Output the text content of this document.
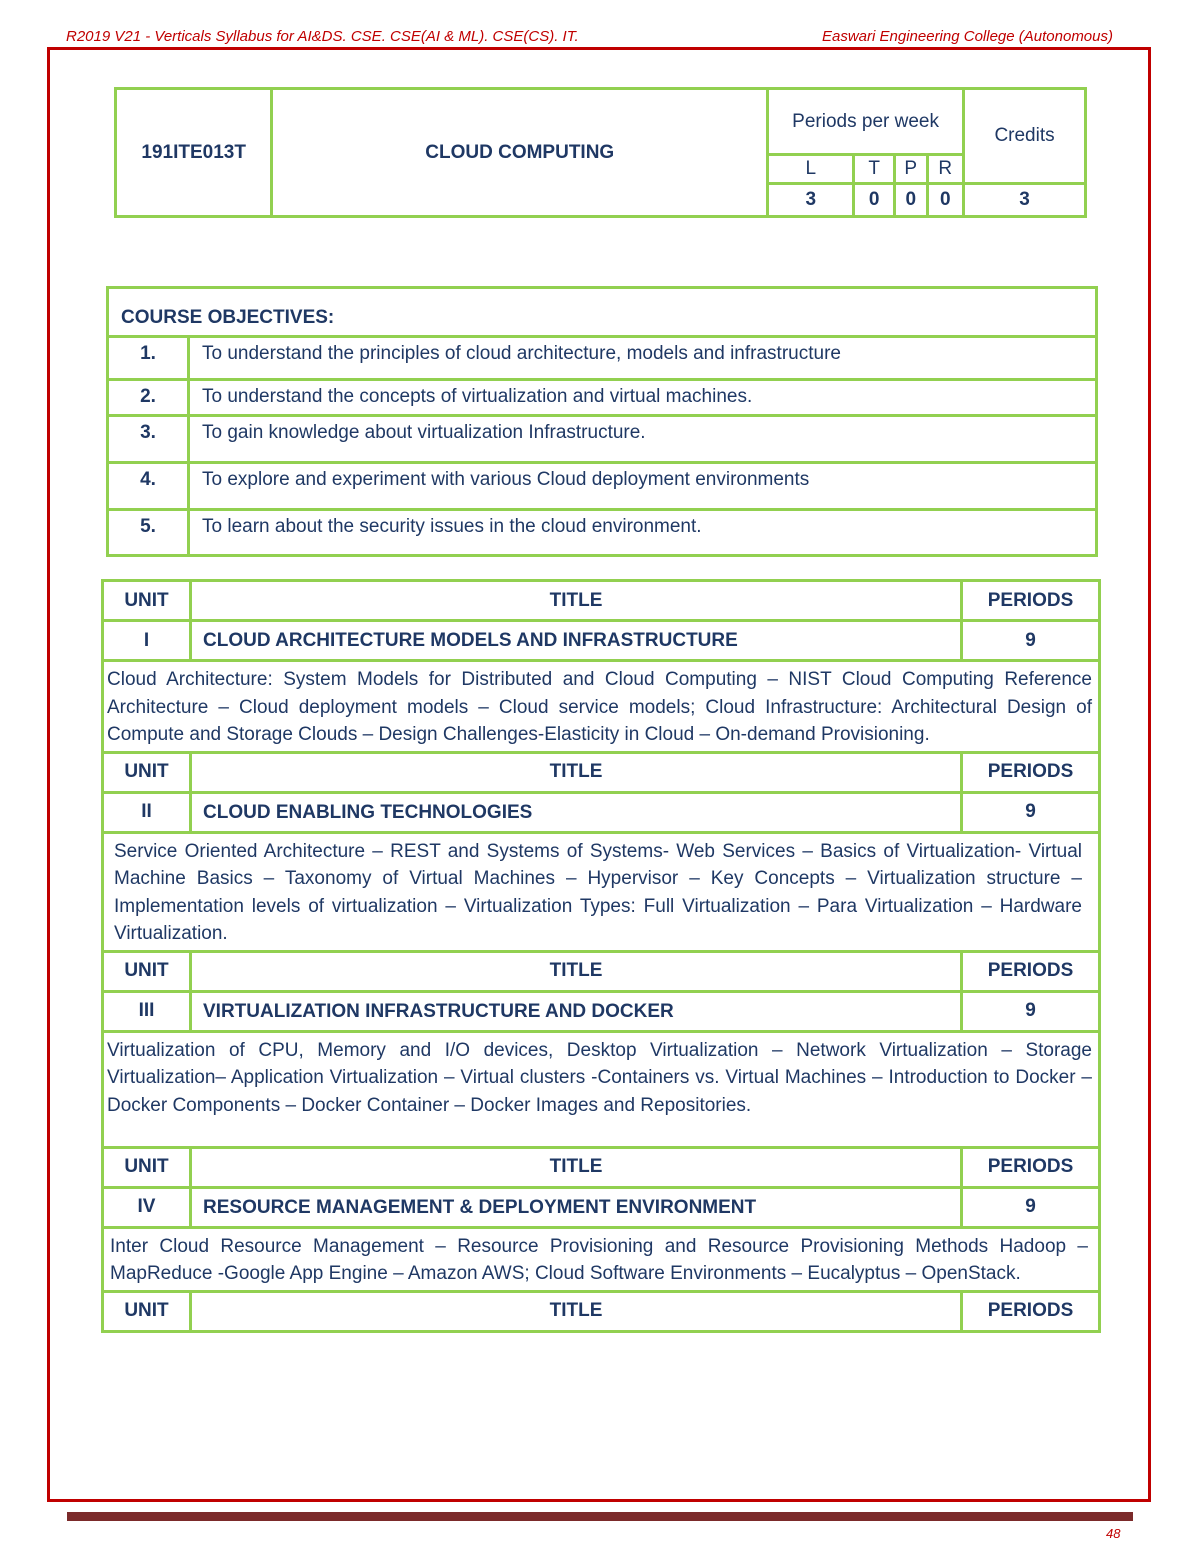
R2019 V21 - Verticals Syllabus for AI&DS. CSE. CSE(AI & ML). CSE(CS). IT.	Easwari Engineering College (Autonomous)
191ITE013T	CLOUD COMPUTING	Periods per week				Credits
		L	T	P	R	
		3	0	0	0	3
COURSE OBJECTIVES:	
1.	To understand the principles of cloud architecture, models and infrastructure
2.	To understand the concepts of virtualization and virtual machines.
3.	To gain knowledge about virtualization Infrastructure.
4.	To explore and experiment with various Cloud deployment environments
5.	To learn about the security issues in the cloud environment.
UNIT	TITLE	PERIODS
I	CLOUD ARCHITECTURE MODELS AND INFRASTRUCTURE	9
Cloud Architecture: System Models for Distributed and Cloud Computing – NIST Cloud Computing Reference Architecture – Cloud deployment models – Cloud service models; Cloud Infrastructure: Architectural Design of Compute and Storage Clouds – Design Challenges-Elasticity in Cloud – On-demand Provisioning.		
UNIT	TITLE	PERIODS
II	CLOUD ENABLING TECHNOLOGIES	9
Service Oriented Architecture – REST and Systems of Systems- Web Services – Basics of Virtualization- Virtual Machine Basics – Taxonomy of Virtual Machines – Hypervisor – Key Concepts – Virtualization structure – Implementation levels of virtualization – Virtualization Types: Full Virtualization – Para Virtualization – Hardware Virtualization.		
UNIT	TITLE	PERIODS
III	VIRTUALIZATION INFRASTRUCTURE AND DOCKER	9
Virtualization of CPU, Memory and I/O devices, Desktop Virtualization – Network Virtualization – Storage Virtualization– Application Virtualization – Virtual clusters -Containers vs. Virtual Machines – Introduction to Docker – Docker Components – Docker Container – Docker Images and Repositories.		
UNIT	TITLE	PERIODS
IV	RESOURCE MANAGEMENT & DEPLOYMENT ENVIRONMENT	9
Inter Cloud Resource Management – Resource Provisioning and Resource Provisioning Methods Hadoop – MapReduce -Google App Engine – Amazon AWS; Cloud Software Environments – Eucalyptus – OpenStack.		
UNIT	TITLE	PERIODS
48
